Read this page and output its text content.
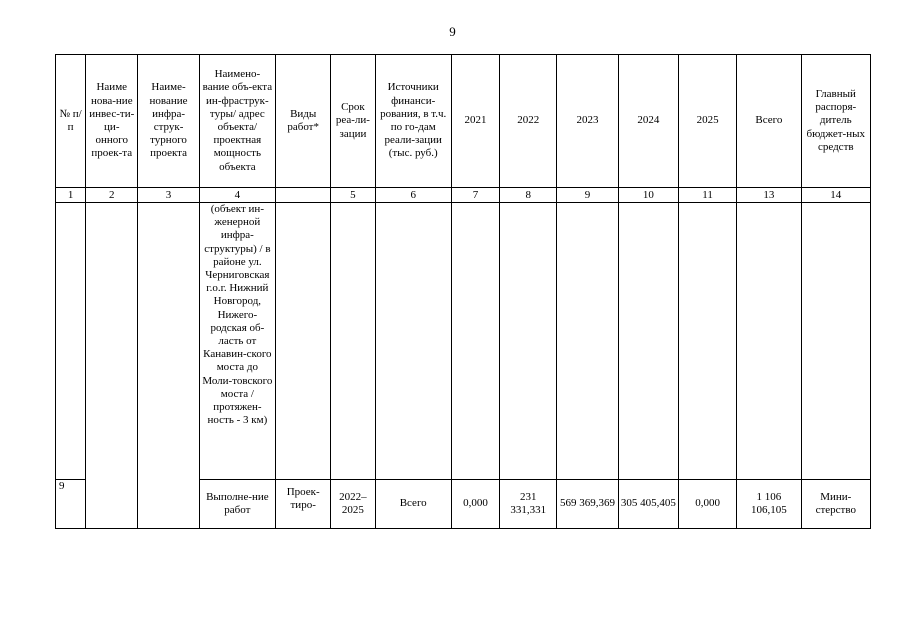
9
№ п/п	Наиме нова-ние инвес-ти-ци-онного проек-та	Наиме-нование инфра-струк-турного проекта	Наимено-вание объ-екта ин-фраструк-туры/ адрес объекта/ проектная мощность объекта	Виды работ*	Срок реа-ли-зации	Источники финанси-рования, в т.ч. по го-дам реали-зации (тыс. руб.)	2021	2022	2023	2024	2025	Всего	Главный распоря-дитель бюджет-ных средств
1	2	3	4		5	6	7	8	9	10	11	13	14
			(объект ин-женерной инфра-структуры) / в районе ул. Черниговская г.о.г. Нижний Новгород, Нижего-родская об-ласть от Канавин-ского моста до Моли-товского моста / протяжен-ность - 3 км)										
9			Выполне-ние работ	Проек-тиро-	2022–2025	Всего	0,000	231 331,331	569 369,369	305 405,405	0,000	1 106 106,105	Мини-стерство
